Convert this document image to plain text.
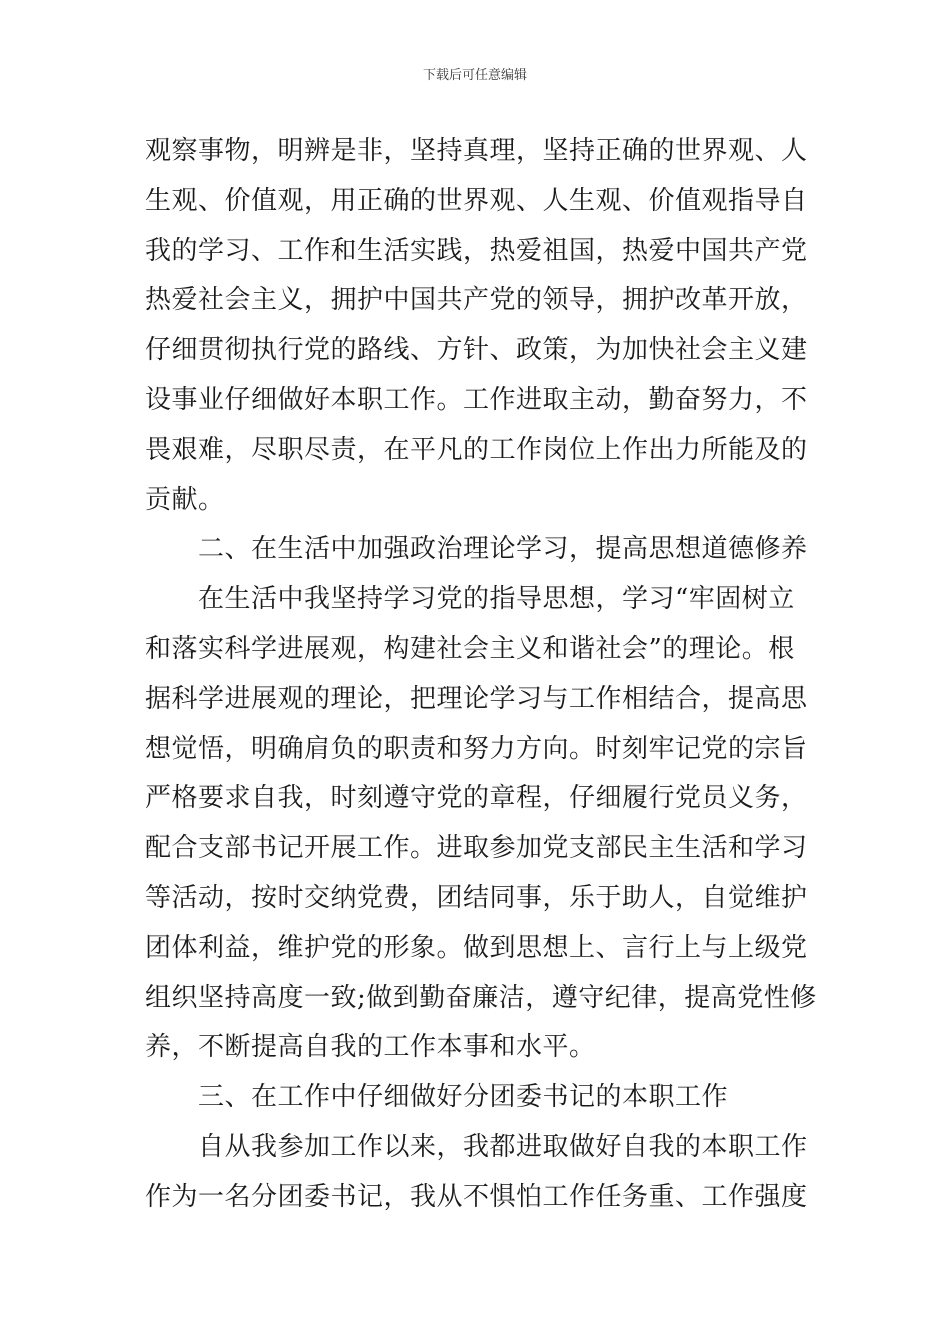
下载后可任意编辑
观察事物，明辨是非，坚持真理，坚持正确的世界观、人
生观、价值观，用正确的世界观、人生观、价值观指导自
我的学习、工作和生活实践，热爱祖国，热爱中国共产党
热爱社会主义，拥护中国共产党的领导，拥护改革开放，
仔细贯彻执行党的路线、方针、政策，为加快社会主义建
设事业仔细做好本职工作。工作进取主动，勤奋努力，不
畏艰难，尽职尽责，在平凡的工作岗位上作出力所能及的
贡献。
　　二、在生活中加强政治理论学习，提高思想道德修养
　　在生活中我坚持学习党的指导思想，学习“牢固树立
和落实科学进展观，构建社会主义和谐社会”的理论。根
据科学进展观的理论，把理论学习与工作相结合，提高思
想觉悟，明确肩负的职责和努力方向。时刻牢记党的宗旨
严格要求自我，时刻遵守党的章程，仔细履行党员义务，
配合支部书记开展工作。进取参加党支部民主生活和学习
等活动，按时交纳党费，团结同事，乐于助人，自觉维护
团体利益，维护党的形象。做到思想上、言行上与上级党
组织坚持高度一致;做到勤奋廉洁，遵守纪律，提高党性修
养，不断提高自我的工作本事和水平。
　　三、在工作中仔细做好分团委书记的本职工作
　　自从我参加工作以来，我都进取做好自我的本职工作
作为一名分团委书记，我从不惧怕工作任务重、工作强度
